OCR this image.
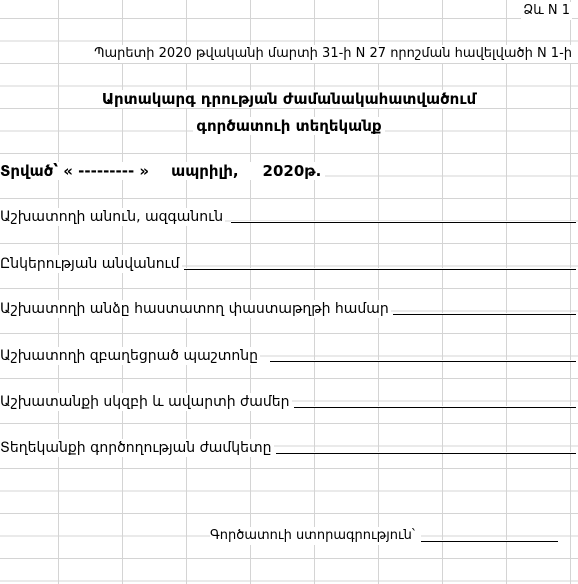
Ձև N 1
Պարետի 2020 թվականի մարտի 31-ի N 27 որոշման հավելվածի N 1-ի
Արտակարգ դրության ժամանակահատվածում
գործատուի տեղեկանք
Տրված՝ « --------- » ապրիլի, 2020թ.
Աշխատողի անուն, ազգանուն
Ընկերության անվանում
Աշխատողի անձը հաստատող փաստաթղթի համար
Աշխատողի զբաղեցրած պաշտոնը
Աշխատանքի սկզբի և ավարտի ժամեր
Տեղեկանքի գործողության ժամկետը
Գործատուի ստորագրություն՝
